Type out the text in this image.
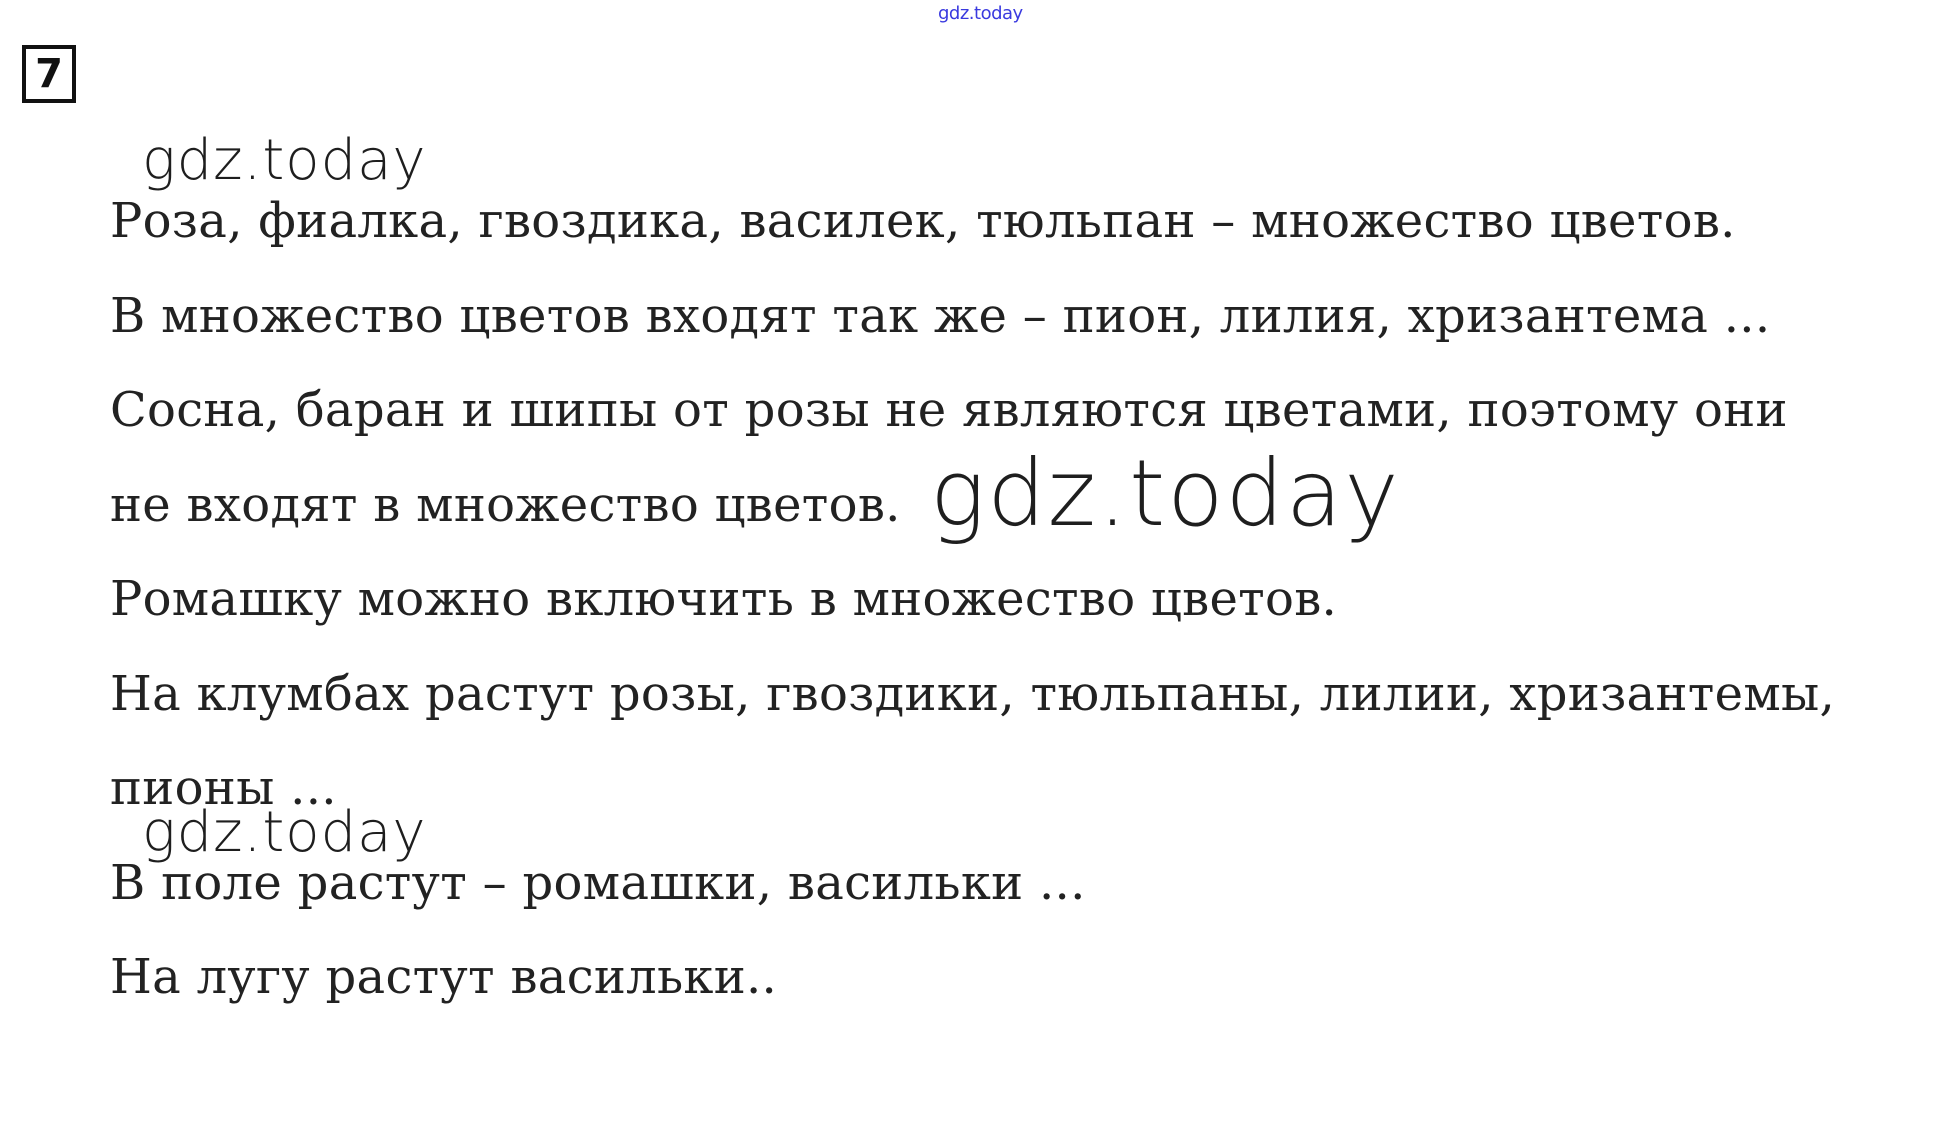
gdz.today
7
Роза, фиалка, гвоздика, василек, тюльпан – множество цветов.
В множество цветов входят так же – пион, лилия, хризантема ...
Сосна, баран и шипы от розы не являются цветами, поэтому они
не входят в множество цветов.
Ромашку можно включить в множество цветов.
На клумбах растут розы, гвоздики, тюльпаны, лилии, хризантемы,
пионы ...
В поле растут – ромашки, васильки ...
На лугу растут васильки..
gdz.today
gdz.today
gdz.today
